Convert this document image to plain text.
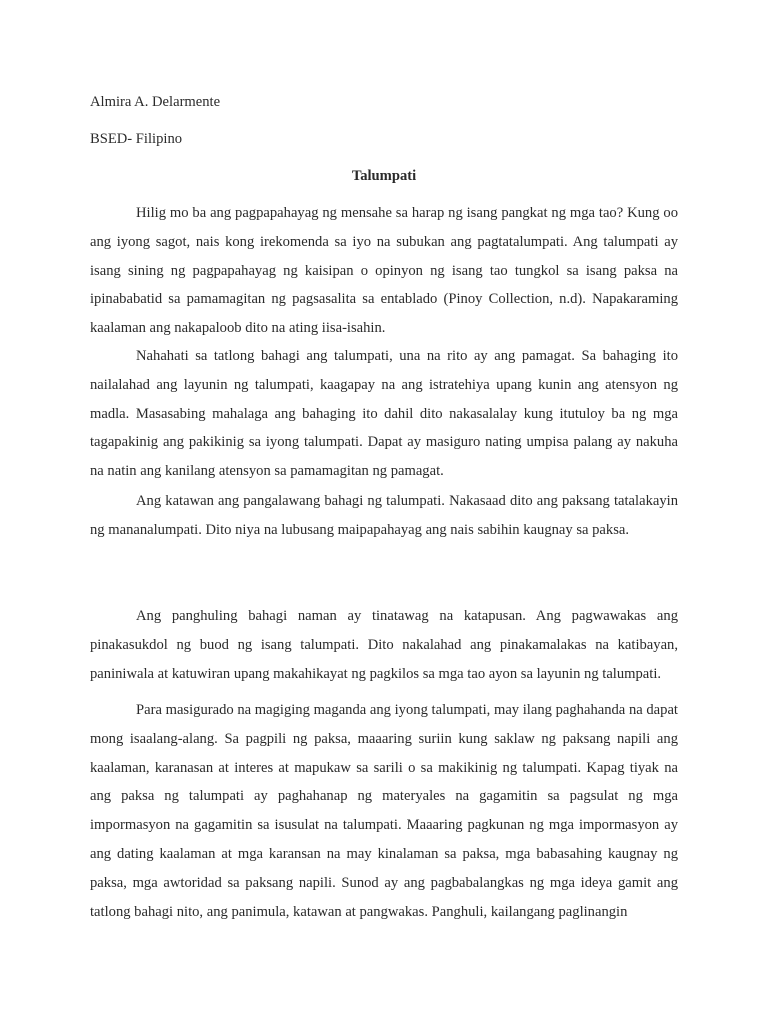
Almira A. Delarmente
BSED- Filipino
Talumpati

Hilig mo ba ang pagpapahayag ng mensahe sa harap ng isang pangkat ng mga tao? Kung oo ang iyong sagot, nais kong irekomenda sa iyo na subukan ang pagtatalumpati. Ang talumpati ay isang sining ng pagpapahayag ng kaisipan o opinyon ng isang tao tungkol sa isang paksa na ipinababatid sa pamamagitan ng pagsasalita sa entablado (Pinoy Collection, n.d). Napakaraming kaalaman ang nakapaloob dito na ating iisa-isahin.

Nahahati sa tatlong bahagi ang talumpati, una na rito ay ang pamagat. Sa bahaging ito nailalahad ang layunin ng talumpati, kaagapay na ang istratehiya upang kunin ang atensyon ng madla. Masasabing mahalaga ang bahaging ito dahil dito nakasalalay kung itutuloy ba ng mga tagapakinig ang pakikinig sa iyong talumpati. Dapat ay masiguro nating umpisa palang ay nakuha na natin ang kanilang atensyon sa pamamagitan ng pamagat.

Ang katawan ang pangalawang bahagi ng talumpati. Nakasaad dito ang paksang tatalakayin ng mananalumpati. Dito niya na lubusang maipapahayag ang nais sabihin kaugnay sa paksa.

Ang panghuling bahagi naman ay tinatawag na katapusan. Ang pagwawakas ang pinakasukdol ng buod ng isang talumpati. Dito nakalahad ang pinakamalakas na katibayan, paniniwala at katuwiran upang makahikayat ng pagkilos sa mga tao ayon sa layunin ng talumpati.

Para masigurado na magiging maganda ang iyong talumpati, may ilang paghahanda na dapat mong isaalang-alang. Sa pagpili ng paksa, maaaring suriin kung saklaw ng paksang napili ang kaalaman, karanasan at interes at mapukaw sa sarili o sa makikinig ng talumpati. Kapag tiyak na ang paksa ng talumpati ay paghahanap ng materyales na gagamitin sa pagsulat ng mga impormasyon na gagamitin sa isusulat na talumpati. Maaaring pagkunan ng mga impormasyon ay ang dating kaalaman at mga karansan na may kinalaman sa paksa, mga babasahing kaugnay ng paksa, mga awtoridad sa paksang napili. Sunod ay ang pagbabalangkas ng mga ideya gamit ang tatlong bahagi nito, ang panimula, katawan at pangwakas. Panghuli, kailangang paglinangin
